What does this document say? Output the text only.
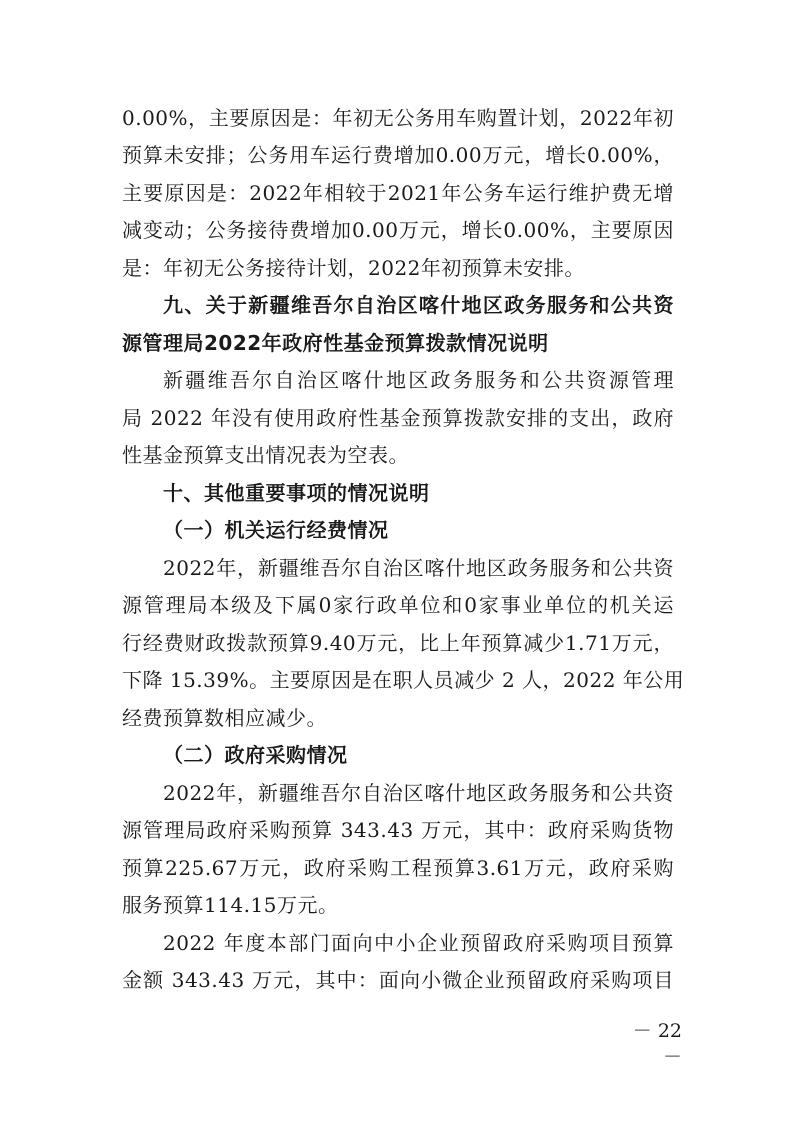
0.00%，主要原因是：年初无公务用车购置计划，2022年初
预算未安排；公务用车运行费增加0.00万元，增长0.00%，
主要原因是：2022年相较于2021年公务车运行维护费无增
减变动；公务接待费增加0.00万元，增长0.00%，主要原因
是：年初无公务接待计划，2022年初预算未安排。
九、关于新疆维吾尔自治区喀什地区政务服务和公共资
源管理局2022年政府性基金预算拨款情况说明
新疆维吾尔自治区喀什地区政务服务和公共资源管理
局 2022 年没有使用政府性基金预算拨款安排的支出，政府
性基金预算支出情况表为空表。
十、其他重要事项的情况说明
（一）机关运行经费情况
2022年，新疆维吾尔自治区喀什地区政务服务和公共资
源管理局本级及下属0家行政单位和0家事业单位的机关运
行经费财政拨款预算9.40万元，比上年预算减少1.71万元，
下降 15.39%。主要原因是在职人员减少 2 人，2022 年公用
经费预算数相应减少。
（二）政府采购情况
2022年，新疆维吾尔自治区喀什地区政务服务和公共资
源管理局政府采购预算 343.43 万元，其中：政府采购货物
预算225.67万元，政府采购工程预算3.61万元，政府采购
服务预算114.15万元。
2022 年度本部门面向中小企业预留政府采购项目预算
金额 343.43 万元，其中：面向小微企业预留政府采购项目
－ 22 －
